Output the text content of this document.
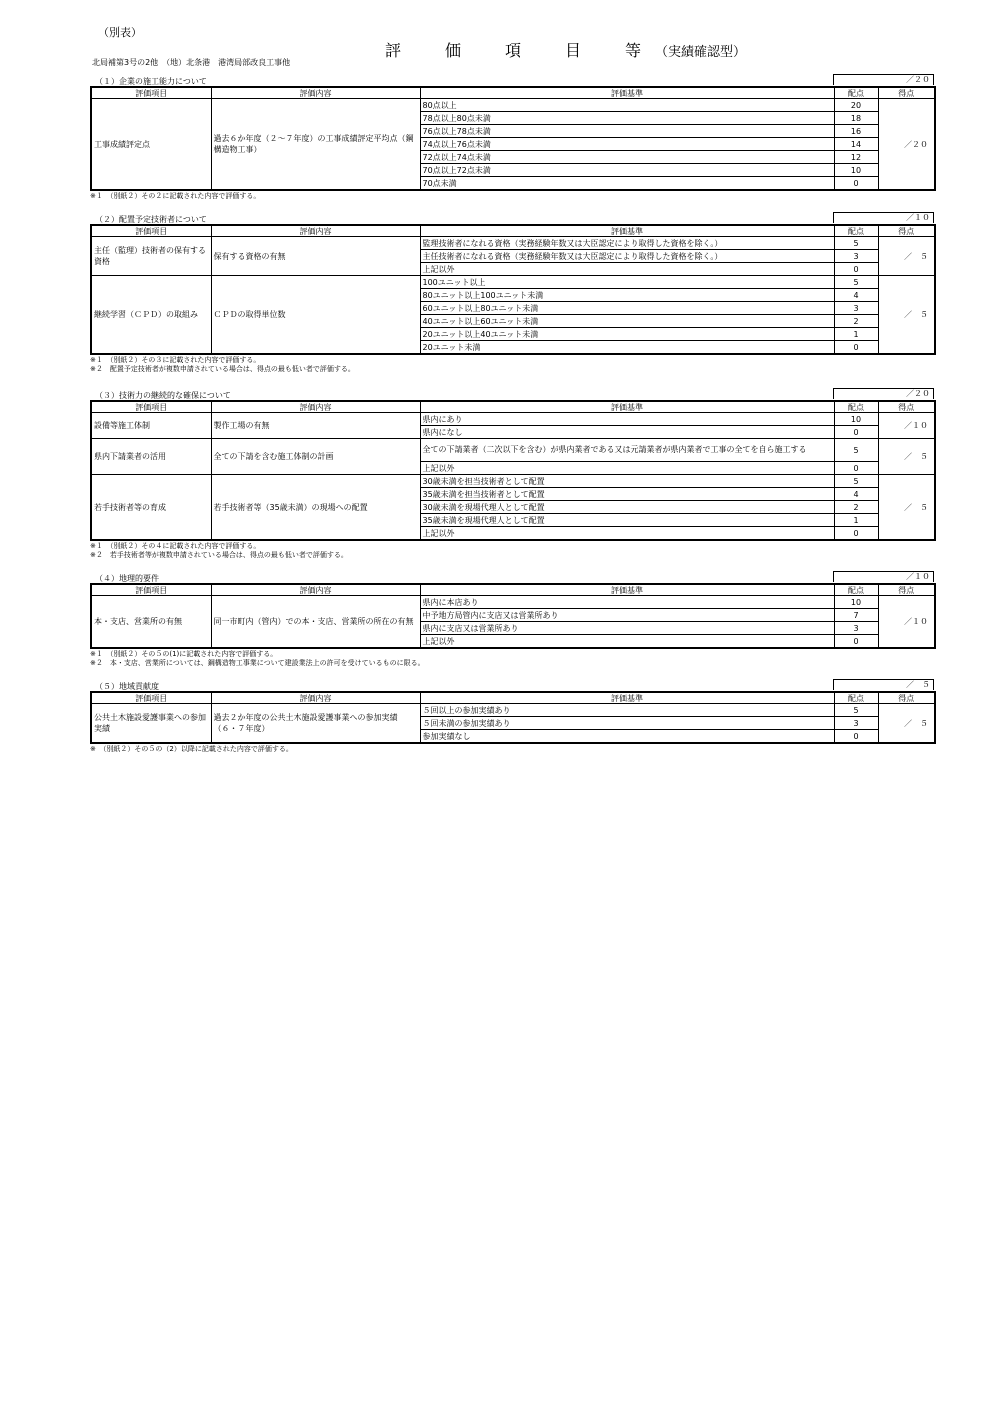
（別表）
評　価　項　目　等（実績確認型）
北局補第3号の2他　（地）北条港　港湾局部改良工事他
（１）企業の施工能力について	／２０
評価項目	評価内容	評価基準	配点	得点
工事成績評定点	過去６か年度（２～７年度）の工事成績評定平均点（鋼構造物工事）	80点以上	20	／２０
		78点以上80点未満	18	
		76点以上78点未満	16	
		74点以上76点未満	14	
		72点以上74点未満	12	
		70点以上72点未満	10	
		70点未満	0	
※１　（別紙２）その２に記載された内容で評価する。
（２）配置予定技術者について	／１０
評価項目	評価内容	評価基準	配点	得点
主任（監理）技術者の保有する資格	保有する資格の有無	監理技術者になれる資格（実務経験年数又は大臣認定により取得した資格を除く。）	5	／　５
		主任技術者になれる資格（実務経験年数又は大臣認定により取得した資格を除く。）	3	
		上記以外	0	
継続学習（ＣＰＤ）の取組み	ＣＰＤの取得単位数	100ユニット以上	5	／　５
		80ユニット以上100ユニット未満	4	
		60ユニット以上80ユニット未満	3	
		40ユニット以上60ユニット未満	2	
		20ユニット以上40ユニット未満	1	
		20ユニット未満	0	
※１　（別紙２）その３に記載された内容で評価する。
※２　配置予定技術者が複数申請されている場合は、得点の最も低い者で評価する。
（３）技術力の継続的な確保について	／２０
評価項目	評価内容	評価基準	配点	得点
設備等施工体制	製作工場の有無	県内にあり	10	／１０
		県内になし	0	
県内下請業者の活用	全ての下請を含む施工体制の計画	全ての下請業者（二次以下を含む）が県内業者である又は元請業者が県内業者で工事の全てを自ら施工する	5	／　５
		上記以外	0	
若手技術者等の育成	若手技術者等（35歳未満）の現場への配置	30歳未満を担当技術者として配置	5	／　５
		35歳未満を担当技術者として配置	4	
		30歳未満を現場代理人として配置	2	
		35歳未満を現場代理人として配置	1	
		上記以外	0	
※１　（別紙２）その４に記載された内容で評価する。
※２　若手技術者等が複数申請されている場合は、得点の最も低い者で評価する。
（４）地理的要件	／１０
評価項目	評価内容	評価基準	配点	得点
本・支店、営業所の有無	同一市町内（管内）での本・支店、営業所の所在の有無	県内に本店あり	10	／１０
		中予地方局管内に支店又は営業所あり	7	
		県内に支店又は営業所あり	3	
		上記以外	0	
※１　（別紙２）その５の(1)に記載された内容で評価する。
※２　本・支店、営業所については、鋼構造物工事業について建設業法上の許可を受けているものに限る。
（５）地域貢献度	／　５
評価項目	評価内容	評価基準	配点	得点
公共土木施設愛護事業への参加実績	過去２か年度の公共土木施設愛護事業への参加実績（６・７年度）	５回以上の参加実績あり	5	／　５
		５回未満の参加実績あり	3	
		参加実績なし	0	
※　（別紙２）その５の（2）以降に記載された内容で評価する。
